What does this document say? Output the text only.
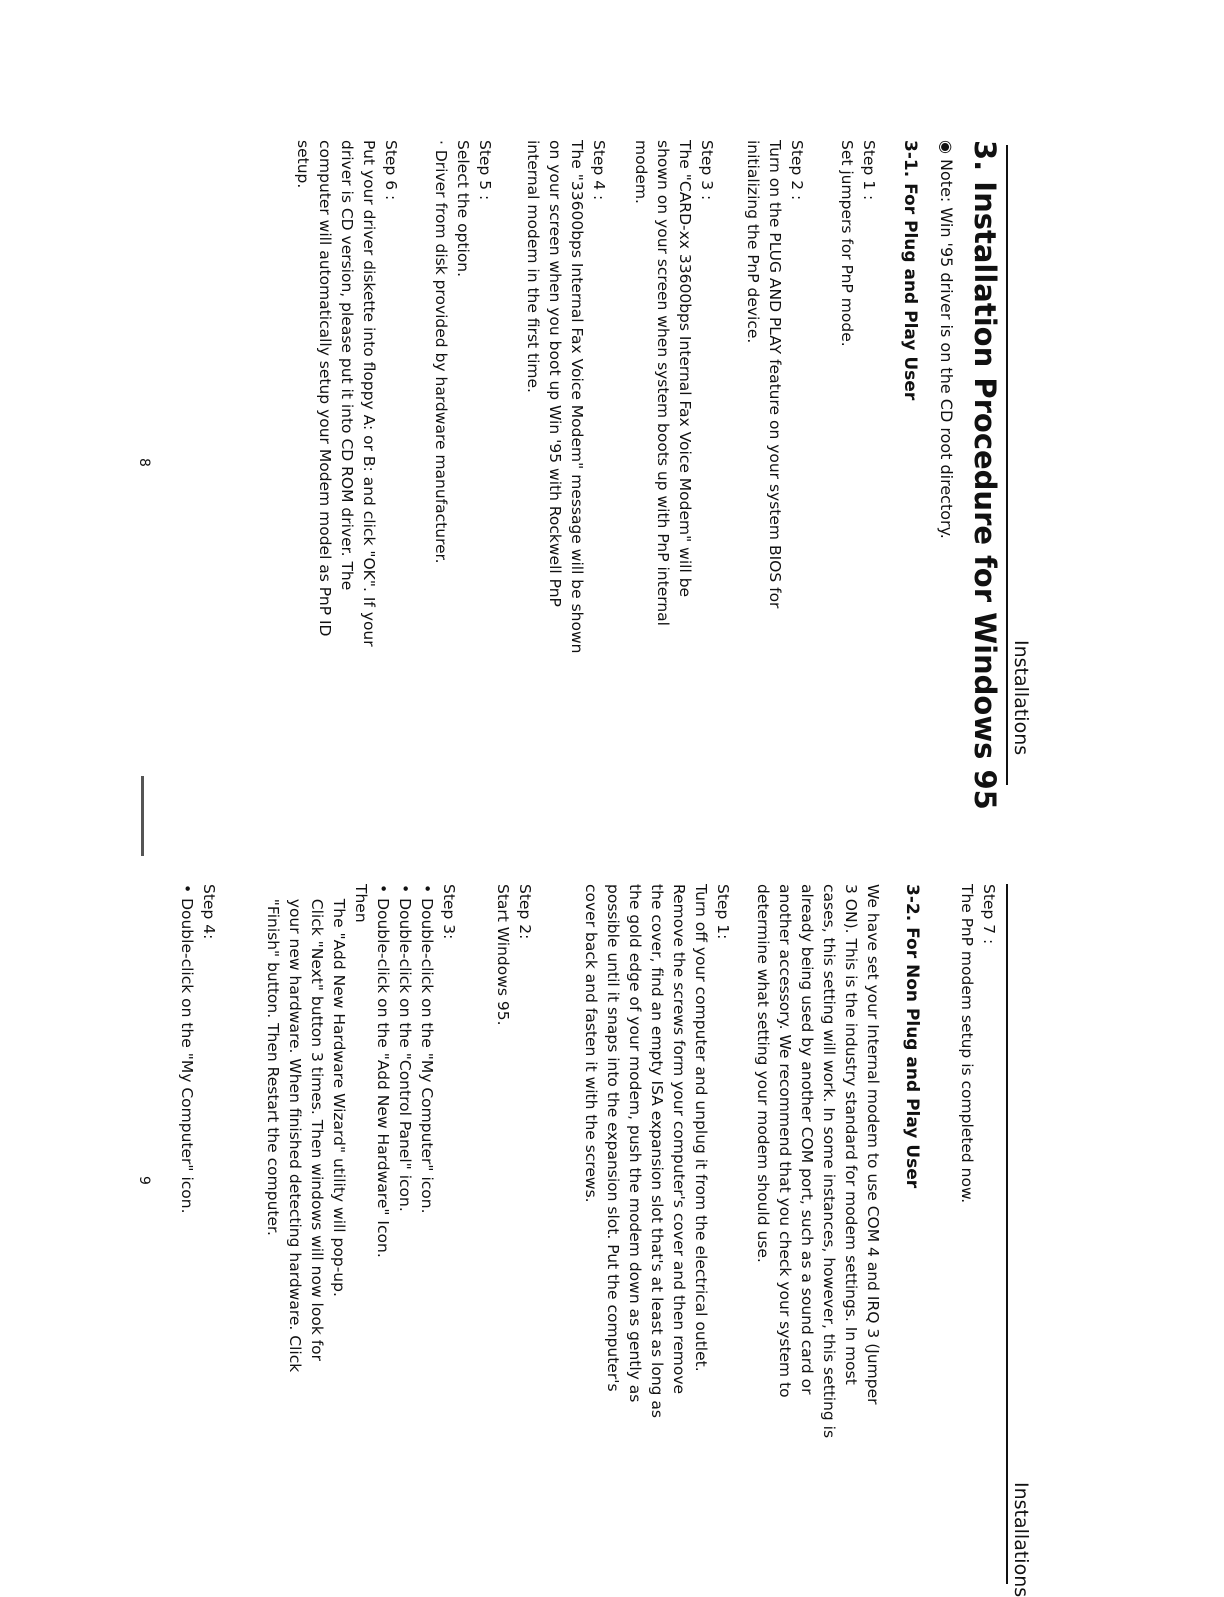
Installations
3. Installation Procedure for Windows 95
◉ Note: Win '95 driver is on the CD root directory.
3-1. For Plug and Play User
Step 1 :
Set jumpers for PnP mode.
Step 2 :
Turn on the PLUG AND PLAY feature on your system BIOS for
initializing the PnP device.
Step 3 :
The "CARD-xx 33600bps Internal Fax Voice Modem" will be
shown on your screen when system boots up with PnP internal
modem.
Step 4 :
The "33600bps Internal Fax Voice Modem" message will be shown
on your screen when you boot up Win '95 with Rockwell PnP
internal modem in the first time.
Step 5 :
Select the option.
· Driver from disk provided by hardware manufacturer.
Step 6 :
Put your driver diskette into floppy A: or B: and click "OK". If your
driver is CD version, please put it into CD ROM driver. The
computer will automatically setup your Modem model as PnP ID
setup.
8
Installations
Step 7 :
The PnP modem setup is completed now.
3-2. For Non Plug and Play User
We have set your Internal modem to use COM 4 and IRQ 3 (Jumper
3 ON). This is the industry standard for modem settings. In most
cases, this setting will work. In some instances, however, this setting is
already being used by another COM port, such as a sound card or
another accessory. We recommend that you check your system to
determine what setting your modem should use.
Step 1:
Turn off your computer and unplug it from the electrical outlet.
Remove the screws form your computer's cover and then remove
the cover, find an empty ISA expansion slot that's at least as long as
the gold edge of your modem, push the modem down as gently as
possible until it snaps into the expansion slot. Put the computer's
cover back and fasten it with the screws.
Step 2:
Start Windows 95.
Step 3:
• Double-click on the "My Computer" icon.
• Double-click on the "Control Panel" icon.
• Double-click on the "Add New Hardware" Icon.
Then
The "Add New Hardware Wizard" utility will pop-up.
Click "Next" button 3 times. Then windows will now look for
your new hardware. When finished detecting hardware. Click
"Finish" button. Then Restart the computer.
Step 4:
• Double-click on the "My Computer" icon.
9
